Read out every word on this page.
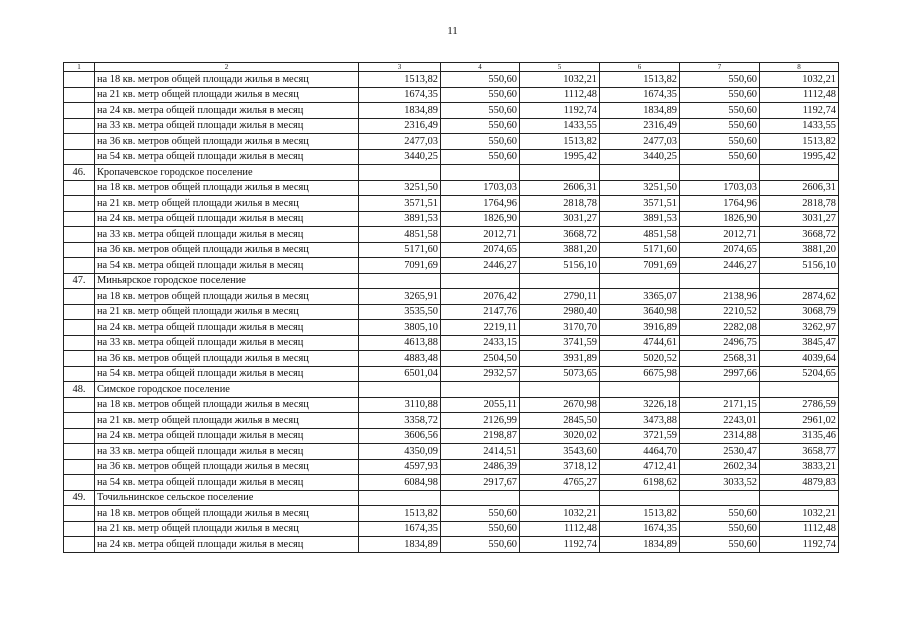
11
1	2	3	4	5	6	7	8
	на 18 кв. метров общей площади жилья в месяц	1513,82	550,60	1032,21	1513,82	550,60	1032,21
	на 21 кв. метр общей площади жилья в месяц	1674,35	550,60	1112,48	1674,35	550,60	1112,48
	на 24 кв. метра общей площади жилья в месяц	1834,89	550,60	1192,74	1834,89	550,60	1192,74
	на 33 кв. метра общей площади жилья в месяц	2316,49	550,60	1433,55	2316,49	550,60	1433,55
	на 36 кв. метров общей площади жилья в месяц	2477,03	550,60	1513,82	2477,03	550,60	1513,82
	на 54 кв. метра общей площади жилья в месяц	3440,25	550,60	1995,42	3440,25	550,60	1995,42
46.	Кропачевское городское поселение						
	на 18 кв. метров общей площади жилья в месяц	3251,50	1703,03	2606,31	3251,50	1703,03	2606,31
	на 21 кв. метр общей площади жилья в месяц	3571,51	1764,96	2818,78	3571,51	1764,96	2818,78
	на 24 кв. метра общей площади жилья в месяц	3891,53	1826,90	3031,27	3891,53	1826,90	3031,27
	на 33 кв. метра общей площади жилья в месяц	4851,58	2012,71	3668,72	4851,58	2012,71	3668,72
	на 36 кв. метров общей площади жилья в месяц	5171,60	2074,65	3881,20	5171,60	2074,65	3881,20
	на 54 кв. метра общей площади жилья в месяц	7091,69	2446,27	5156,10	7091,69	2446,27	5156,10
47.	Миньярское городское поселение						
	на 18 кв. метров общей площади жилья в месяц	3265,91	2076,42	2790,11	3365,07	2138,96	2874,62
	на 21 кв. метр общей площади жилья в месяц	3535,50	2147,76	2980,40	3640,98	2210,52	3068,79
	на 24 кв. метра общей площади жилья в месяц	3805,10	2219,11	3170,70	3916,89	2282,08	3262,97
	на 33 кв. метра общей площади жилья в месяц	4613,88	2433,15	3741,59	4744,61	2496,75	3845,47
	на 36 кв. метров общей площади жилья в месяц	4883,48	2504,50	3931,89	5020,52	2568,31	4039,64
	на 54 кв. метра общей площади жилья в месяц	6501,04	2932,57	5073,65	6675,98	2997,66	5204,65
48.	Симское городское поселение						
	на 18 кв. метров общей площади жилья в месяц	3110,88	2055,11	2670,98	3226,18	2171,15	2786,59
	на 21 кв. метр общей площади жилья в месяц	3358,72	2126,99	2845,50	3473,88	2243,01	2961,02
	на 24 кв. метра общей площади жилья в месяц	3606,56	2198,87	3020,02	3721,59	2314,88	3135,46
	на 33 кв. метра общей площади жилья в месяц	4350,09	2414,51	3543,60	4464,70	2530,47	3658,77
	на 36 кв. метров общей площади жилья в месяц	4597,93	2486,39	3718,12	4712,41	2602,34	3833,21
	на 54 кв. метра общей площади жилья в месяц	6084,98	2917,67	4765,27	6198,62	3033,52	4879,83
49.	Точильнинское сельское поселение						
	на 18 кв. метров общей площади жилья в месяц	1513,82	550,60	1032,21	1513,82	550,60	1032,21
	на 21 кв. метр общей площади жилья в месяц	1674,35	550,60	1112,48	1674,35	550,60	1112,48
	на 24 кв. метра общей площади жилья в месяц	1834,89	550,60	1192,74	1834,89	550,60	1192,74
